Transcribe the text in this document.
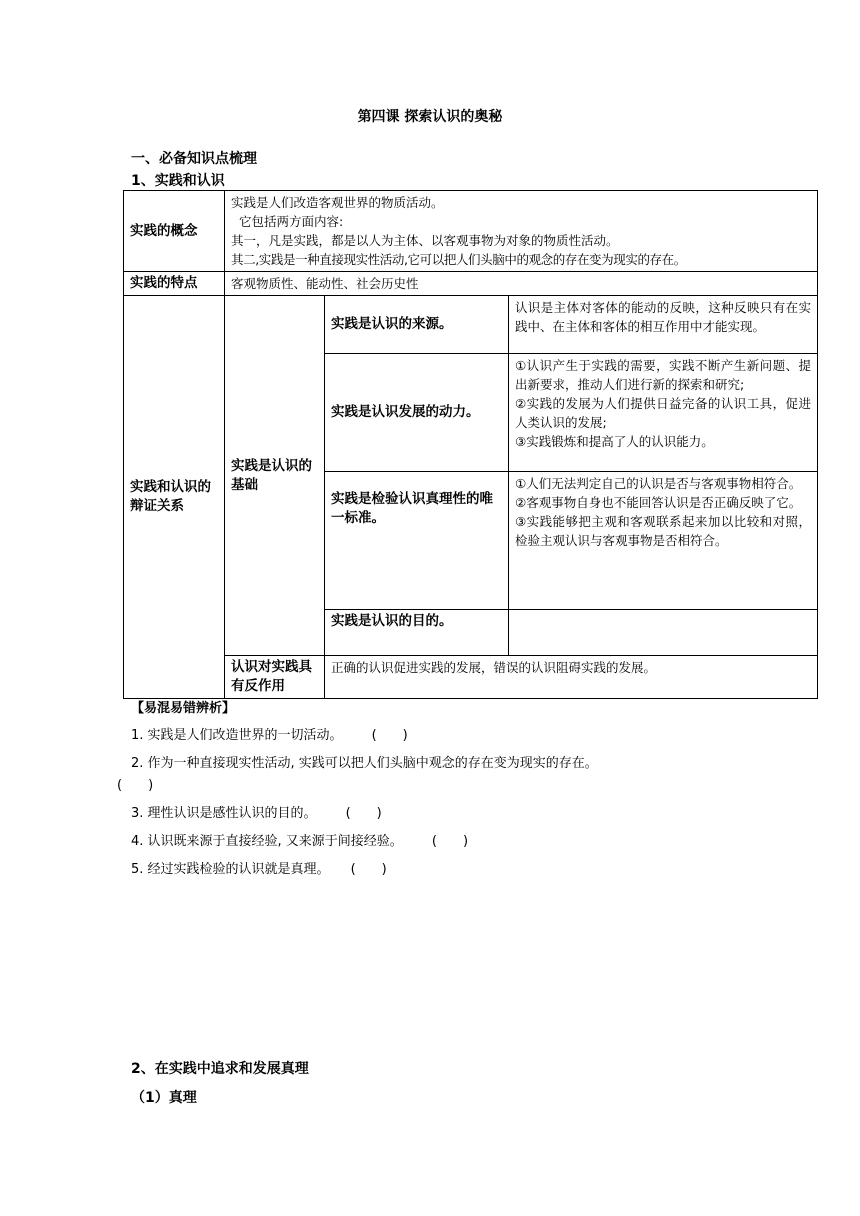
第四课 探索认识的奥秘
一、必备知识点梳理
1、实践和认识
实践的概念	实践是人们改造客观世界的物质活动。
它包括两方面内容:
其一，凡是实践，都是以人为主体、以客观事物为对象的物质性活动。
其二,实践是一种直接现实性活动,它可以把人们头脑中的观念的存在变为现实的存在。		

实践的特点	客观物质性、能动性、社会历史性		
实践和认识的辩证关系	实践是认识的基础	实践是认识的来源。	认识是主体对客体的能动的反映，这种反映只有在实践中、在主体和客体的相互作用中才能实现。
		实践是认识发展的动力。	①认识产生于实践的需要，实践不断产生新问题、提出新要求，推动人们进行新的探索和研究;
②实践的发展为人们提供日益完备的认识工具，促进人类认识的发展;
③实践锻炼和提高了人的认识能力。

		实践是检验认识真理性的唯一标准。	①人们无法判定自己的认识是否与客观事物相符合。
②客观事物自身也不能回答认识是否正确反映了它。
③实践能够把主观和客观联系起来加以比较和对照，检验主观认识与客观事物是否相符合。

		实践是认识的目的。	
	认识对实践具有反作用	正确的认识促进实践的发展，错误的认识阻碍实践的发展。	
【易混易错辨析】
1. 实践是人们改造世界的一切活动。 (　　)
2. 作为一种直接现实性活动, 实践可以把人们头脑中观念的存在变为现实的存在。
(　　)
3. 理性认识是感性认识的目的。 (　　)
4. 认识既来源于直接经验, 又来源于间接经验。 (　　)
5. 经过实践检验的认识就是真理。 (　　)
2、在实践中追求和发展真理
（1）真理
